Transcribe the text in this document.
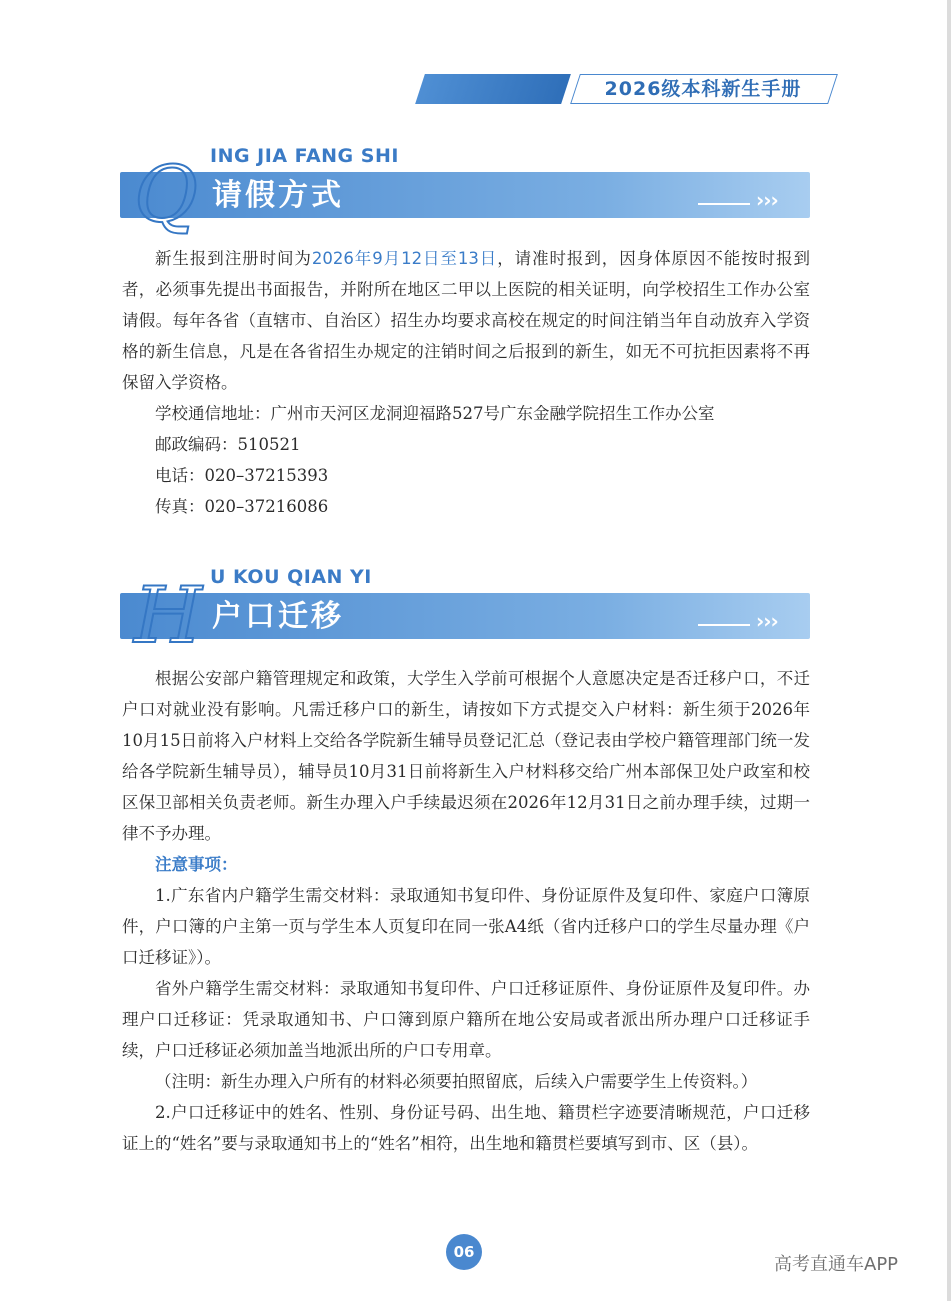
2026级本科新生手册
Q ING JIA FANG SHI
请假方式	›››

新生报到注册时间为2026年9月12日至13日，请准时报到，因身体原因不能按时报到者，必须事先提出书面报告，并附所在地区二甲以上医院的相关证明，向学校招生工作办公室请假。每年各省（直辖市、自治区）招生办均要求高校在规定的时间注销当年自动放弃入学资格的新生信息，凡是在各省招生办规定的注销时间之后报到的新生，如无不可抗拒因素将不再保留入学资格。

学校通信地址：广州市天河区龙洞迎福路527号广东金融学院招生工作办公室
邮政编码：510521
电话：020–37215393
传真：020–37216086
H U KOU QIAN YI
户口迁移	›››

根据公安部户籍管理规定和政策，大学生入学前可根据个人意愿决定是否迁移户口，不迁户口对就业没有影响。凡需迁移户口的新生，请按如下方式提交入户材料：新生须于2026年10月15日前将入户材料上交给各学院新生辅导员登记汇总（登记表由学校户籍管理部门统一发给各学院新生辅导员），辅导员10月31日前将新生入户材料移交给广州本部保卫处户政室和校区保卫部相关负责老师。新生办理入户手续最迟须在2026年12月31日之前办理手续，过期一律不予办理。

注意事项：

1.广东省内户籍学生需交材料：录取通知书复印件、身份证原件及复印件、家庭户口簿原件，户口簿的户主第一页与学生本人页复印在同一张A4纸（省内迁移户口的学生尽量办理《户口迁移证》）。

省外户籍学生需交材料：录取通知书复印件、户口迁移证原件、身份证原件及复印件。办理户口迁移证：凭录取通知书、户口簿到原户籍所在地公安局或者派出所办理户口迁移证手续，户口迁移证必须加盖当地派出所的户口专用章。

（注明：新生办理入户所有的材料必须要拍照留底，后续入户需要学生上传资料。）

2.户口迁移证中的姓名、性别、身份证号码、出生地、籍贯栏字迹要清晰规范，户口迁移证上的“姓名”要与录取通知书上的“姓名”相符，出生地和籍贯栏要填写到市、区（县）。

06
高考直通车APP
